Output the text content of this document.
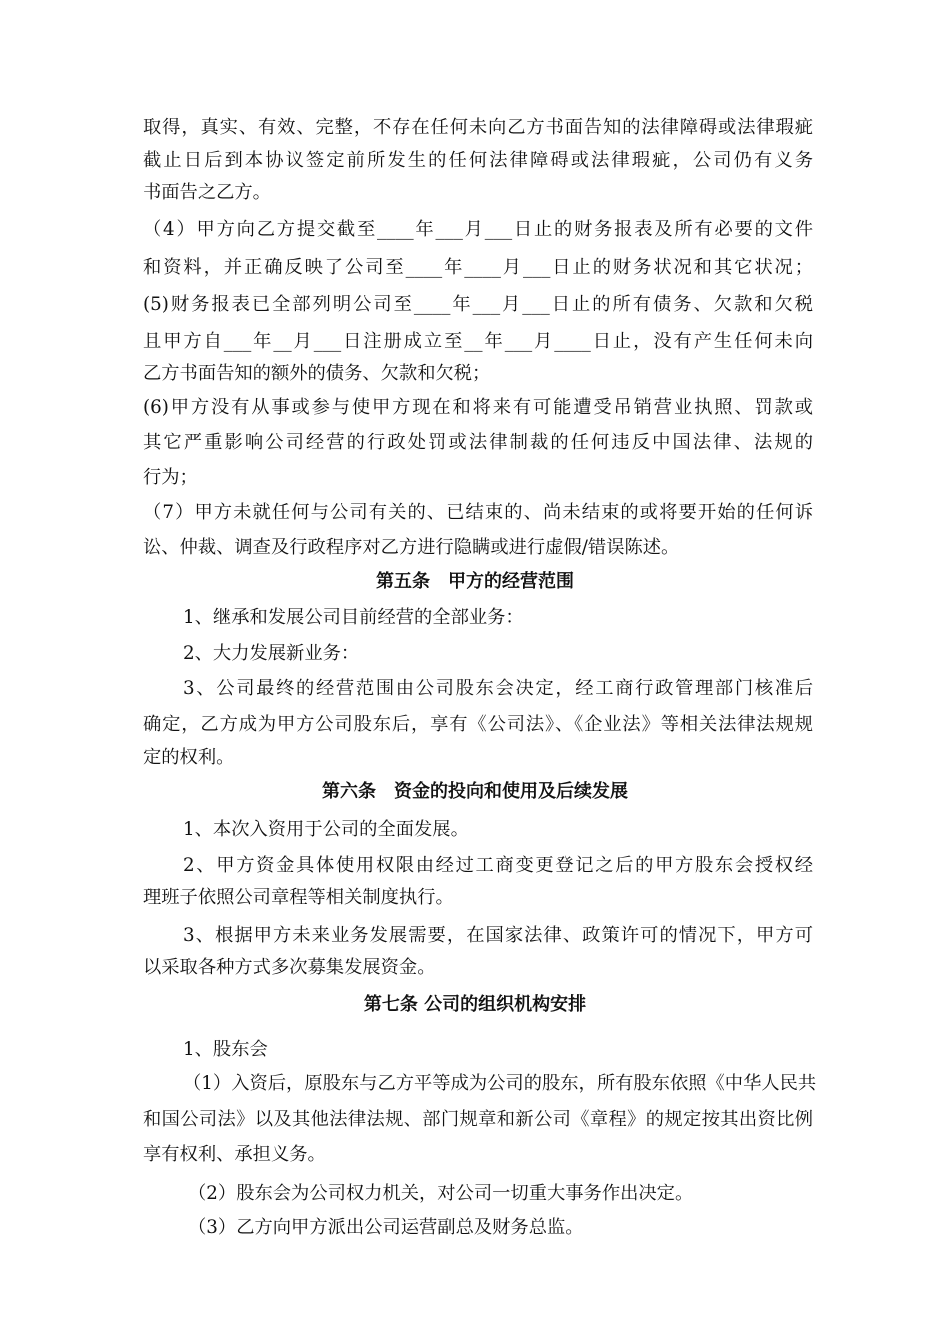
取得，真实、有效、完整，不存在任何未向乙方书面告知的法律障碍或法律瑕疵
截止日后到本协议签定前所发生的任何法律障碍或法律瑕疵，公司仍有义务
书面告之乙方。
（4）甲方向乙方提交截至____年___月___日止的财务报表及所有必要的文件
和资料，并正确反映了公司至____年____月___日止的财务状况和其它状况；
(5)财务报表已全部列明公司至____年___月___日止的所有债务、欠款和欠税
且甲方自___年__月___日注册成立至__年___月____日止，没有产生任何未向
乙方书面告知的额外的债务、欠款和欠税；
(6)甲方没有从事或参与使甲方现在和将来有可能遭受吊销营业执照、罚款或
其它严重影响公司经营的行政处罚或法律制裁的任何违反中国法律、法规的
行为；
（7）甲方未就任何与公司有关的、已结束的、尚未结束的或将要开始的任何诉
讼、仲裁、调查及行政程序对乙方进行隐瞒或进行虚假/错误陈述。
第五条　甲方的经营范围
1、继承和发展公司目前经营的全部业务：
2、大力发展新业务：
3、公司最终的经营范围由公司股东会决定，经工商行政管理部门核准后
确定，乙方成为甲方公司股东后，享有《公司法》、《企业法》等相关法律法规规
定的权利。
第六条　资金的投向和使用及后续发展
1、本次入资用于公司的全面发展。
2、甲方资金具体使用权限由经过工商变更登记之后的甲方股东会授权经
理班子依照公司章程等相关制度执行。
3、根据甲方未来业务发展需要，在国家法律、政策许可的情况下，甲方可
以采取各种方式多次募集发展资金。
第七条 公司的组织机构安排
1、股东会
（1）入资后，原股东与乙方平等成为公司的股东，所有股东依照《中华人民共
和国公司法》以及其他法律法规、部门规章和新公司《章程》的规定按其出资比例
享有权利、承担义务。
（2）股东会为公司权力机关，对公司一切重大事务作出决定。
（3）乙方向甲方派出公司运营副总及财务总监。
